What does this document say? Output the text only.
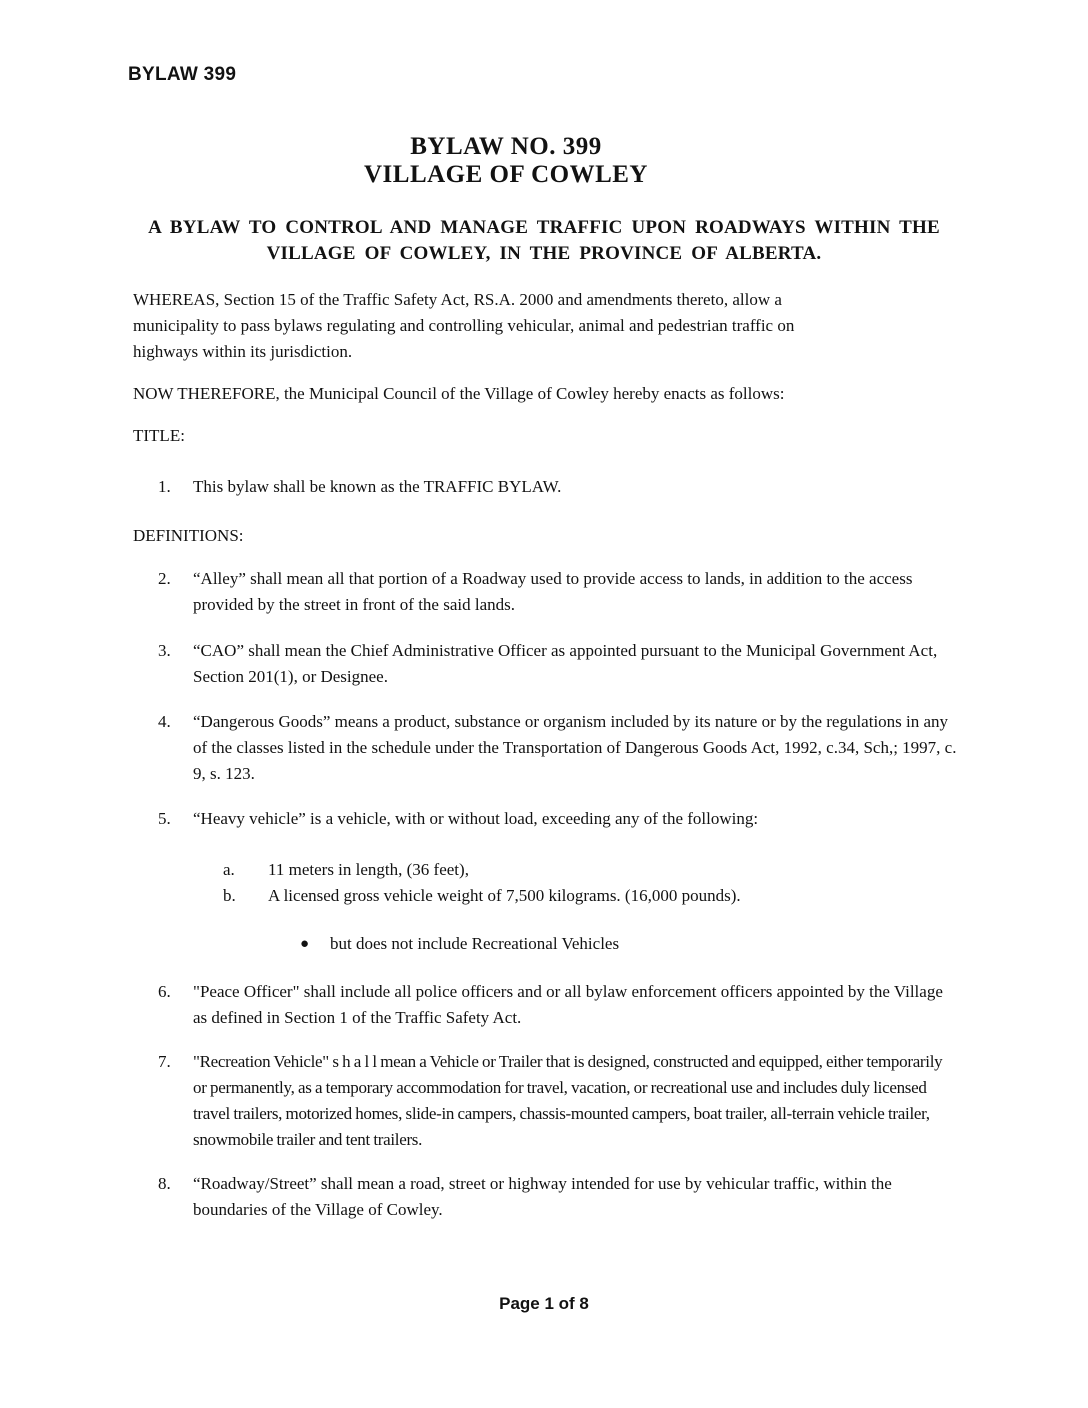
BYLAW 399
BYLAW NO. 399
VILLAGE OF COWLEY
A BYLAW TO CONTROL AND MANAGE TRAFFIC UPON ROADWAYS WITHIN THE
VILLAGE OF COWLEY, IN THE PROVINCE OF ALBERTA.

WHEREAS, Section 15 of the Traffic Safety Act, RS.A. 2000 and amendments thereto, allow a municipality to pass bylaws regulating and controlling vehicular, animal and pedestrian traffic on highways within its jurisdiction.

NOW THEREFORE, the Municipal Council of the Village of Cowley hereby enacts as follows:

TITLE:

1.	This bylaw shall be known as the TRAFFIC BYLAW.

DEFINITIONS:

2.	“Alley” shall mean all that portion of a Roadway used to provide access to lands, in addition to the access provided by the street in front of the said lands.
3.	“CAO” shall mean the Chief Administrative Officer as appointed pursuant to the Municipal Government Act, Section 201(1), or Designee.
4.	“Dangerous Goods” means a product, substance or organism included by its nature or by the regulations in any of the classes listed in the schedule under the Transportation of Dangerous Goods Act, 1992, c.34, Sch,; 1997, c. 9, s. 123.
5.	“Heavy vehicle” is a vehicle, with or without load, exceeding any of the following:
a.	11 meters in length, (36 feet),
b.	A licensed gross vehicle weight of 7,500 kilograms. (16,000 pounds).
●	but does not include Recreational Vehicles
6.	"Peace Officer" shall include all police officers and or all bylaw enforcement officers appointed by the Village as defined in Section 1 of the Traffic Safety Act.
7.	"Recreation Vehicle" s h a l l mean a Vehicle or Trailer that is designed, constructed and equipped, either temporarily or permanently, as a temporary accommodation for travel, vacation, or recreational use and includes duly licensed travel trailers, motorized homes, slide-in campers, chassis-mounted campers, boat trailer, all-terrain vehicle trailer, snowmobile trailer and tent trailers.
8.	“Roadway/Street” shall mean a road, street or highway intended for use by vehicular traffic, within the boundaries of the Village of Cowley.
Page 1 of 8
